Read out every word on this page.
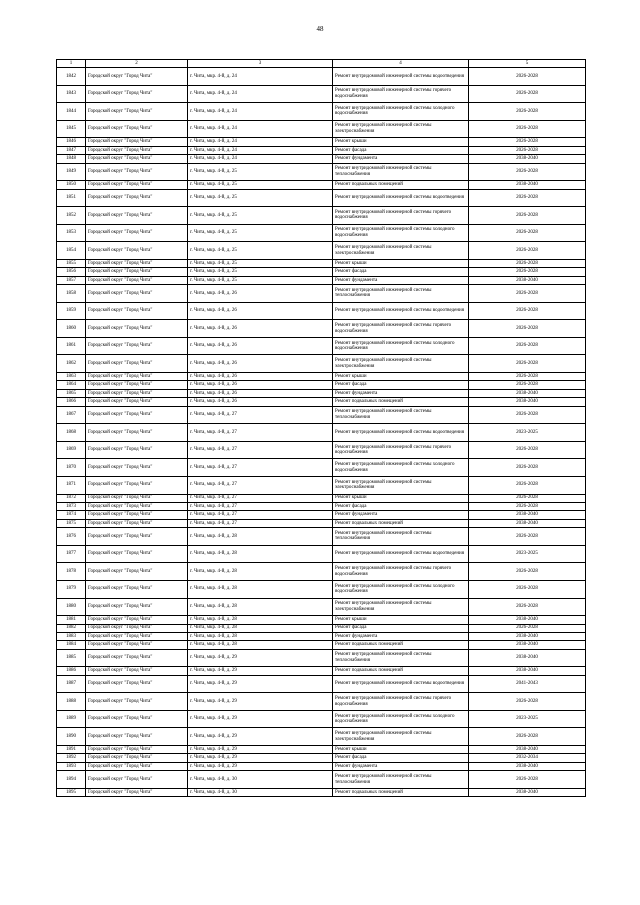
48
1	2	3	4	5
1842	Городской округ "Город Чита"	г. Чита, мкр. 4-й, д. 24	Ремонт внутридомовой инженерной системы водоотведения	2026-2028
1843	Городской округ "Город Чита"	г. Чита, мкр. 4-й, д. 24	Ремонт внутридомовой инженерной системы горячего водоснабжения	2026-2028
1844	Городской округ "Город Чита"	г. Чита, мкр. 4-й, д. 24	Ремонт внутридомовой инженерной системы холодного водоснабжения	2026-2028
1845	Городской округ "Город Чита"	г. Чита, мкр. 4-й, д. 24	Ремонт внутридомовой инженерной системы электроснабжения	2026-2028
1846	Городской округ "Город Чита"	г. Чита, мкр. 4-й, д. 24	Ремонт крыши	2026-2028
1847	Городской округ "Город Чита"	г. Чита, мкр. 4-й, д. 24	Ремонт фасада	2026-2028
1848	Городской округ "Город Чита"	г. Чита, мкр. 4-й, д. 24	Ремонт фундамента	2038-2040
1849	Городской округ "Город Чита"	г. Чита, мкр. 4-й, д. 25	Ремонт внутридомовой инженерной системы теплоснабжения	2026-2028
1850	Городской округ "Город Чита"	г. Чита, мкр. 4-й, д. 25	Ремонт подвальных помещений	2038-2040
1851	Городской округ "Город Чита"	г. Чита, мкр. 4-й, д. 25	Ремонт внутридомовой инженерной системы водоотведения	2026-2028
1852	Городской округ "Город Чита"	г. Чита, мкр. 4-й, д. 25	Ремонт внутридомовой инженерной системы горячего водоснабжения	2026-2028
1853	Городской округ "Город Чита"	г. Чита, мкр. 4-й, д. 25	Ремонт внутридомовой инженерной системы холодного водоснабжения	2026-2028
1854	Городской округ "Город Чита"	г. Чита, мкр. 4-й, д. 25	Ремонт внутридомовой инженерной системы электроснабжения	2026-2028
1855	Городской округ "Город Чита"	г. Чита, мкр. 4-й, д. 25	Ремонт крыши	2026-2028
1856	Городской округ "Город Чита"	г. Чита, мкр. 4-й, д. 25	Ремонт фасада	2026-2028
1857	Городской округ "Город Чита"	г. Чита, мкр. 4-й, д. 25	Ремонт фундамента	2038-2040
1858	Городской округ "Город Чита"	г. Чита, мкр. 4-й, д. 26	Ремонт внутридомовой инженерной системы теплоснабжения	2026-2028
1859	Городской округ "Город Чита"	г. Чита, мкр. 4-й, д. 26	Ремонт внутридомовой инженерной системы водоотведения	2026-2028
1860	Городской округ "Город Чита"	г. Чита, мкр. 4-й, д. 26	Ремонт внутридомовой инженерной системы горячего водоснабжения	2026-2028
1861	Городской округ "Город Чита"	г. Чита, мкр. 4-й, д. 26	Ремонт внутридомовой инженерной системы холодного водоснабжения	2026-2028
1862	Городской округ "Город Чита"	г. Чита, мкр. 4-й, д. 26	Ремонт внутридомовой инженерной системы электроснабжения	2026-2028
1863	Городской округ "Город Чита"	г. Чита, мкр. 4-й, д. 26	Ремонт крыши	2026-2028
1864	Городской округ "Город Чита"	г. Чита, мкр. 4-й, д. 26	Ремонт фасада	2026-2028
1865	Городской округ "Город Чита"	г. Чита, мкр. 4-й, д. 26	Ремонт фундамента	2038-2040
1866	Городской округ "Город Чита"	г. Чита, мкр. 4-й, д. 26	Ремонт подвальных помещений	2038-2040
1867	Городской округ "Город Чита"	г. Чита, мкр. 4-й, д. 27	Ремонт внутридомовой инженерной системы теплоснабжения	2026-2028
1868	Городской округ "Город Чита"	г. Чита, мкр. 4-й, д. 27	Ремонт внутридомовой инженерной системы водоотведения	2023-2025
1869	Городской округ "Город Чита"	г. Чита, мкр. 4-й, д. 27	Ремонт внутридомовой инженерной системы горячего водоснабжения	2026-2028
1870	Городской округ "Город Чита"	г. Чита, мкр. 4-й, д. 27	Ремонт внутридомовой инженерной системы холодного водоснабжения	2026-2028
1871	Городской округ "Город Чита"	г. Чита, мкр. 4-й, д. 27	Ремонт внутридомовой инженерной системы электроснабжения	2026-2028
1872	Городской округ "Город Чита"	г. Чита, мкр. 4-й, д. 27	Ремонт крыши	2026-2028
1873	Городской округ "Город Чита"	г. Чита, мкр. 4-й, д. 27	Ремонт фасада	2026-2028
1874	Городской округ "Город Чита"	г. Чита, мкр. 4-й, д. 27	Ремонт фундамента	2038-2040
1875	Городской округ "Город Чита"	г. Чита, мкр. 4-й, д. 27	Ремонт подвальных помещений	2038-2040
1876	Городской округ "Город Чита"	г. Чита, мкр. 4-й, д. 28	Ремонт внутридомовой инженерной системы теплоснабжения	2026-2028
1877	Городской округ "Город Чита"	г. Чита, мкр. 4-й, д. 28	Ремонт внутридомовой инженерной системы водоотведения	2023-2025
1878	Городской округ "Город Чита"	г. Чита, мкр. 4-й, д. 28	Ремонт внутридомовой инженерной системы горячего водоснабжения	2026-2028
1879	Городской округ "Город Чита"	г. Чита, мкр. 4-й, д. 28	Ремонт внутридомовой инженерной системы холодного водоснабжения	2026-2028
1880	Городской округ "Город Чита"	г. Чита, мкр. 4-й, д. 28	Ремонт внутридомовой инженерной системы электроснабжения	2026-2028
1881	Городской округ "Город Чита"	г. Чита, мкр. 4-й, д. 28	Ремонт крыши	2038-2040
1882	Городской округ "Город Чита"	г. Чита, мкр. 4-й, д. 28	Ремонт фасада	2026-2028
1883	Городской округ "Город Чита"	г. Чита, мкр. 4-й, д. 28	Ремонт фундамента	2038-2040
1884	Городской округ "Город Чита"	г. Чита, мкр. 4-й, д. 28	Ремонт подвальных помещений	2038-2040
1885	Городской округ "Город Чита"	г. Чита, мкр. 4-й, д. 29	Ремонт внутридомовой инженерной системы теплоснабжения	2038-2040
1886	Городской округ "Город Чита"	г. Чита, мкр. 4-й, д. 29	Ремонт подвальных помещений	2038-2040
1887	Городской округ "Город Чита"	г. Чита, мкр. 4-й, д. 29	Ремонт внутридомовой инженерной системы водоотведения	2041-2043
1888	Городской округ "Город Чита"	г. Чита, мкр. 4-й, д. 29	Ремонт внутридомовой инженерной системы горячего водоснабжения	2026-2028
1889	Городской округ "Город Чита"	г. Чита, мкр. 4-й, д. 29	Ремонт внутридомовой инженерной системы холодного водоснабжения	2023-2025
1890	Городской округ "Город Чита"	г. Чита, мкр. 4-й, д. 29	Ремонт внутридомовой инженерной системы электроснабжения	2026-2028
1891	Городской округ "Город Чита"	г. Чита, мкр. 4-й, д. 29	Ремонт крыши	2038-2040
1892	Городской округ "Город Чита"	г. Чита, мкр. 4-й, д. 29	Ремонт фасада	2032-2034
1893	Городской округ "Город Чита"	г. Чита, мкр. 4-й, д. 29	Ремонт фундамента	2038-2040
1894	Городской округ "Город Чита"	г. Чита, мкр. 4-й, д. 30	Ремонт внутридомовой инженерной системы теплоснабжения	2026-2028
1895	Городской округ "Город Чита"	г. Чита, мкр. 4-й, д. 30	Ремонт подвальных помещений	2038-2040
